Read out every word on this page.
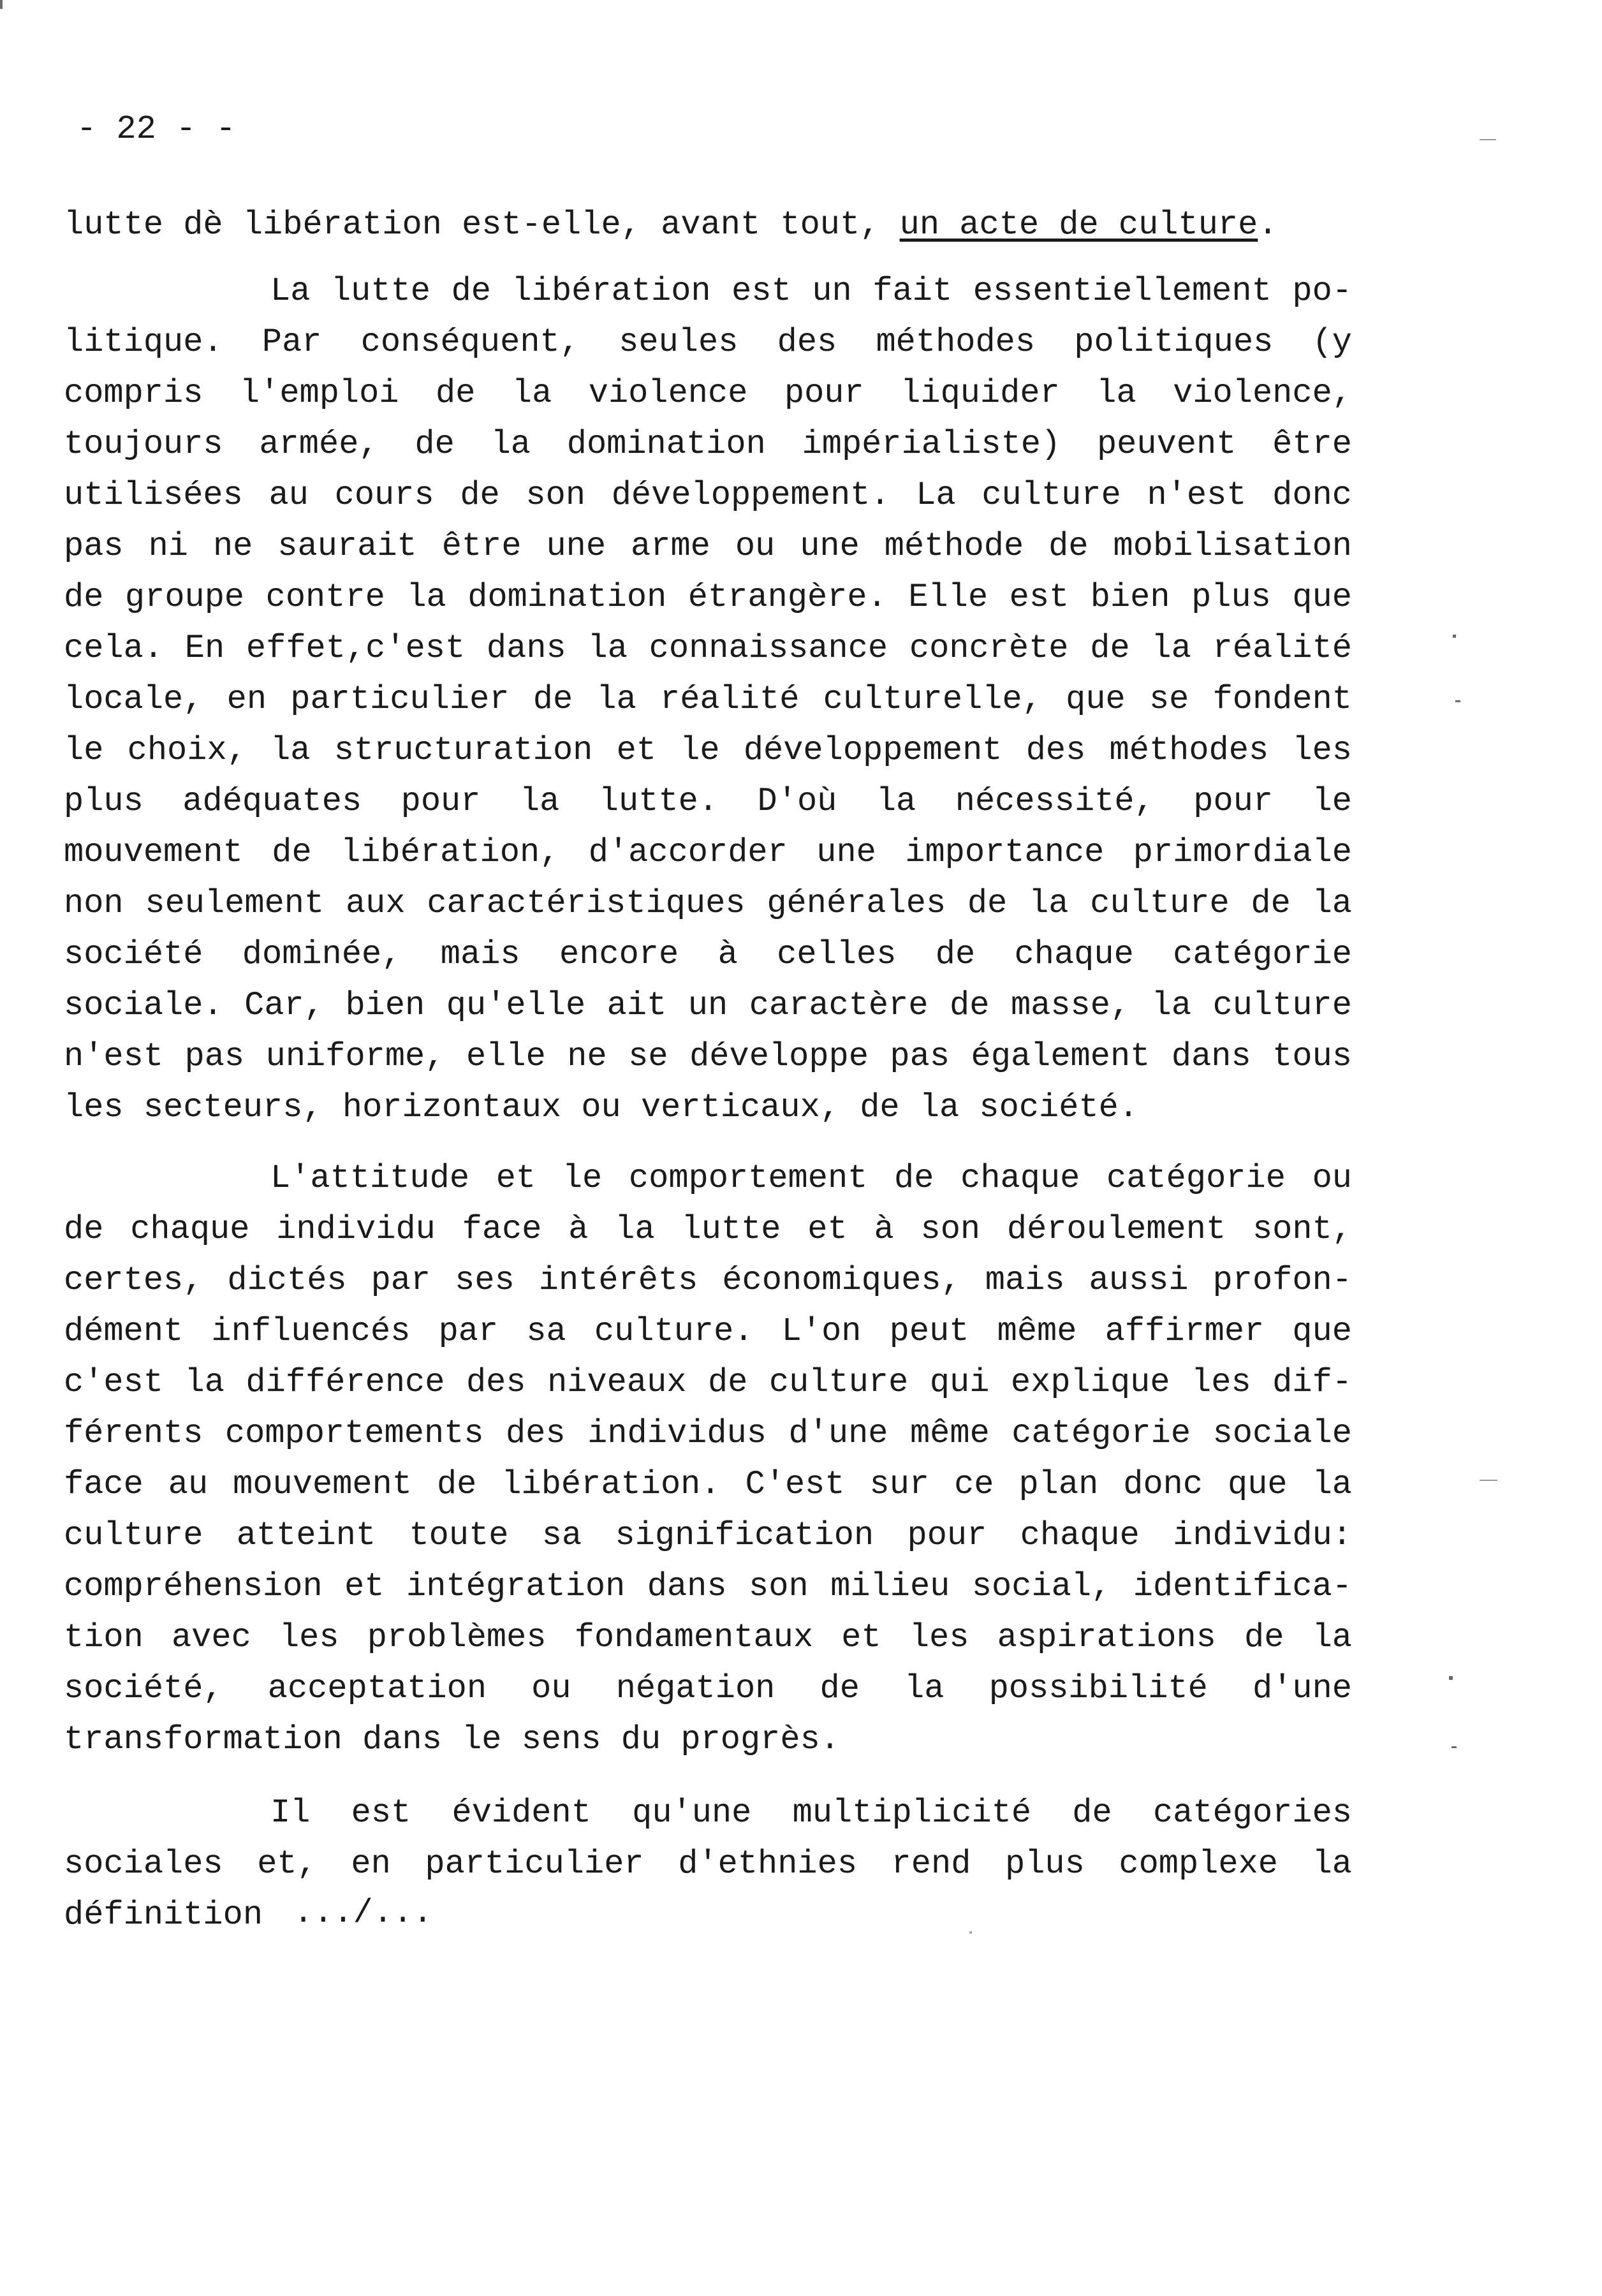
- 22 - -
lutte dè libération est-elle, avant tout, un acte de culture.

La lutte de libération est un fait essentiellement politique. Par conséquent, seules des méthodes politiques (y compris l'emploi de la violence pour liquider la violence, toujours armée, de la domination impérialiste) peuvent être utilisées au cours de son développement. La culture n'est donc pas ni ne saurait être une arme ou une méthode de mobilisation de groupe contre la domination étrangère. Elle est bien plus que cela. En effet,c'est dans la connaissance concrète de la réalité locale, en particulier de la réalité culturelle, que se fondent le choix, la structuration et le développement des méthodes les plus adéquates pour la lutte. D'où la nécessité, pour le mouvement de libération, d'accorder une importance primordiale non seulement aux caractéristiques générales de la culture de la société dominée, mais encore à celles de chaque catégorie sociale. Car, bien qu'elle ait un caractère de masse, la culture n'est pas uniforme, elle ne se développe pas également dans tous les secteurs, horizontaux ou verticaux, de la société.

L'attitude et le comportement de chaque catégorie ou de chaque individu face à la lutte et à son déroulement sont, certes, dictés par ses intérêts économiques, mais aussi profondément influencés par sa culture. L'on peut même affirmer que c'est la différence des niveaux de culture qui explique les différents comportements des individus d'une même catégorie sociale face au mouvement de libération. C'est sur ce plan donc que la culture atteint toute sa signification pour chaque individu: compréhension et intégration dans son milieu social, identification avec les problèmes fondamentaux et les aspirations de la société, acceptation ou négation de la possibilité d'une transformation dans le sens du progrès.

Il est évident qu'une multiplicité de catégories sociales et, en particulier d'ethnies rend plus complexe la définition .../...
